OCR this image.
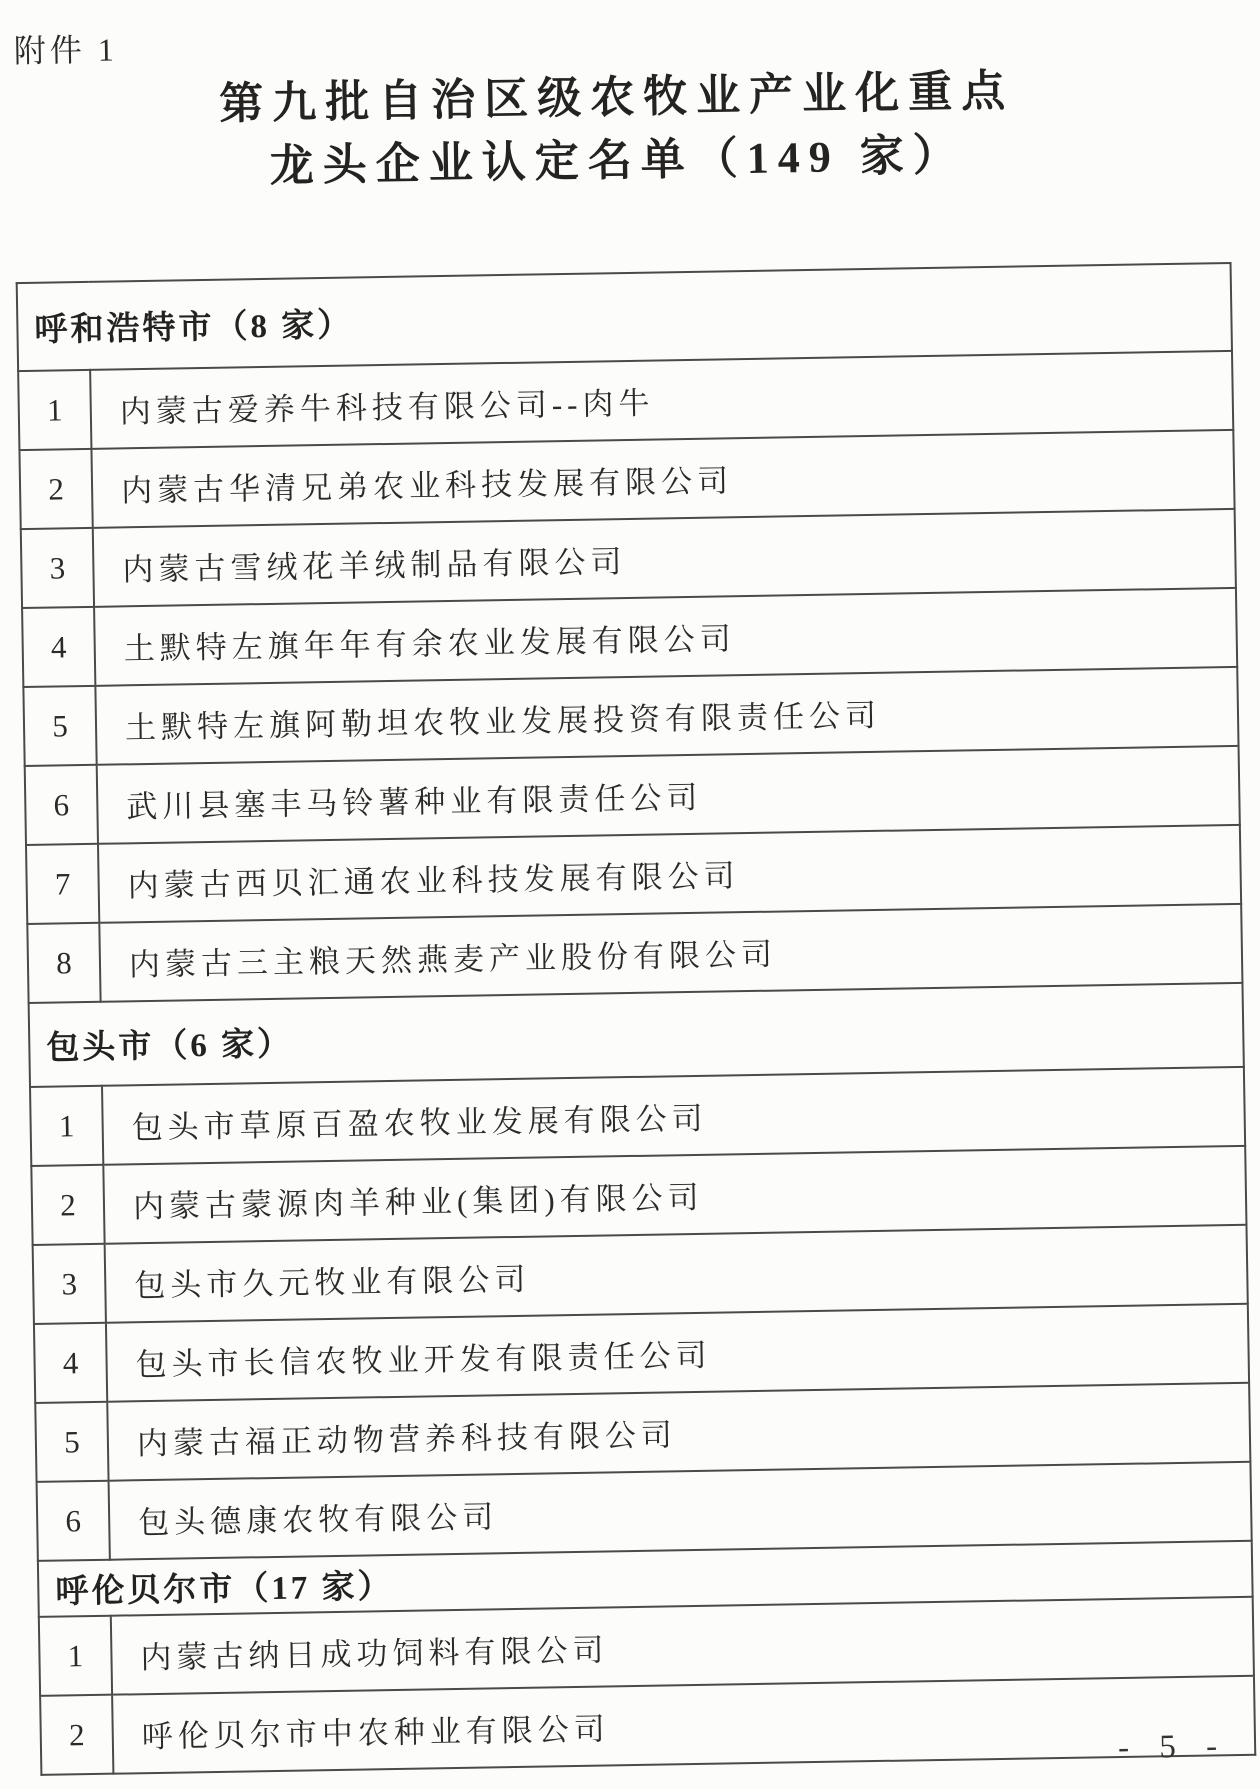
附件 1
第九批自治区级农牧业产业化重点
龙头企业认定名单（149 家）
呼和浩特市（8 家）	
1	内蒙古爱养牛科技有限公司--肉牛
2	内蒙古华清兄弟农业科技发展有限公司
3	内蒙古雪绒花羊绒制品有限公司
4	土默特左旗年年有余农业发展有限公司
5	土默特左旗阿勒坦农牧业发展投资有限责任公司
6	武川县塞丰马铃薯种业有限责任公司
7	内蒙古西贝汇通农业科技发展有限公司
8	内蒙古三主粮天然燕麦产业股份有限公司
包头市（6 家）	
1	包头市草原百盈农牧业发展有限公司
2	内蒙古蒙源肉羊种业(集团)有限公司
3	包头市久元牧业有限公司
4	包头市长信农牧业开发有限责任公司
5	内蒙古福正动物营养科技有限公司
6	包头德康农牧有限公司
呼伦贝尔市（17 家）	
1	内蒙古纳日成功饲料有限公司
2	呼伦贝尔市中农种业有限公司	- 5 -
